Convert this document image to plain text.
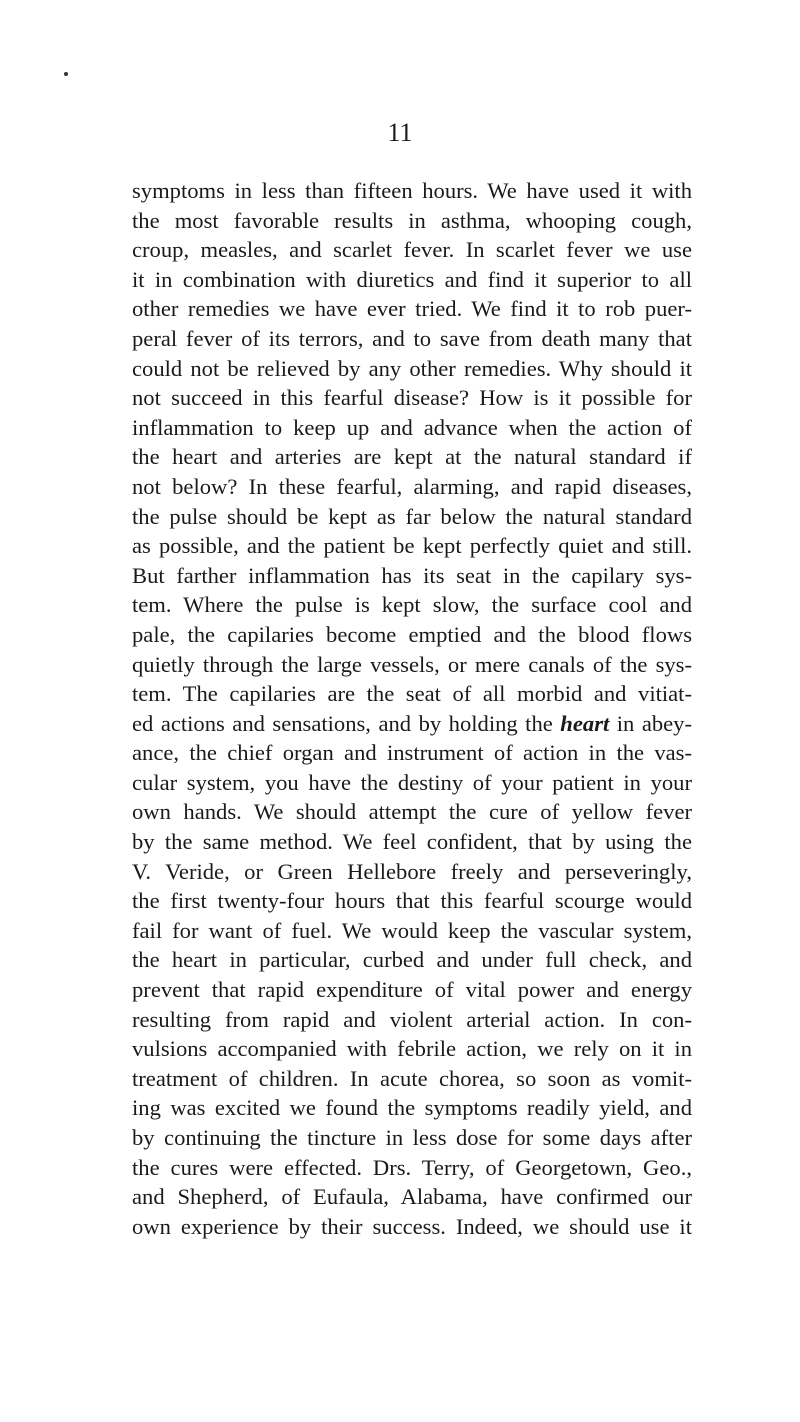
11
symptoms in less than fifteen hours. We have used it with
the most favorable results in asthma, whooping cough,
croup, measles, and scarlet fever. In scarlet fever we use
it in combination with diuretics and find it superior to all
other remedies we have ever tried. We find it to rob puer-
peral fever of its terrors, and to save from death many that
could not be relieved by any other remedies. Why should it
not succeed in this fearful disease? How is it possible for
inflammation to keep up and advance when the action of
the heart and arteries are kept at the natural standard if
not below? In these fearful, alarming, and rapid diseases,
the pulse should be kept as far below the natural standard
as possible, and the patient be kept perfectly quiet and still.
But farther inflammation has its seat in the capilary sys-
tem. Where the pulse is kept slow, the surface cool and
pale, the capilaries become emptied and the blood flows
quietly through the large vessels, or mere canals of the sys-
tem. The capilaries are the seat of all morbid and vitiat-
ed actions and sensations, and by holding the heart in abey-
ance, the chief organ and instrument of action in the vas-
cular system, you have the destiny of your patient in your
own hands. We should attempt the cure of yellow fever
by the same method. We feel confident, that by using the
V. Veride, or Green Hellebore freely and perseveringly,
the first twenty-four hours that this fearful scourge would
fail for want of fuel. We would keep the vascular system,
the heart in particular, curbed and under full check, and
prevent that rapid expenditure of vital power and energy
resulting from rapid and violent arterial action. In con-
vulsions accompanied with febrile action, we rely on it in
treatment of children. In acute chorea, so soon as vomit-
ing was excited we found the symptoms readily yield, and
by continuing the tincture in less dose for some days after
the cures were effected. Drs. Terry, of Georgetown, Geo.,
and Shepherd, of Eufaula, Alabama, have confirmed our
own experience by their success. Indeed, we should use it
